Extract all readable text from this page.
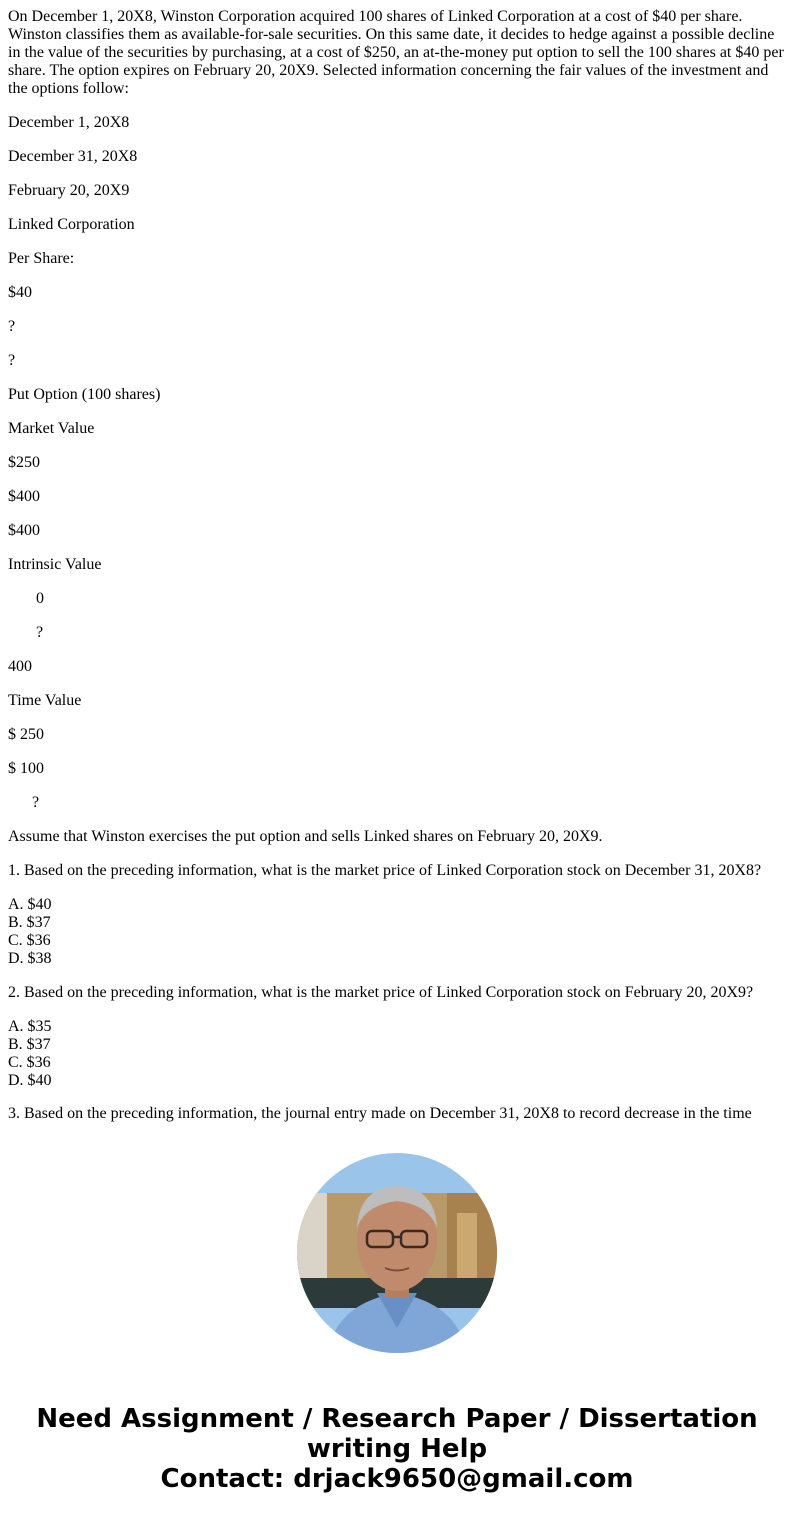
On December 1, 20X8, Winston Corporation acquired 100 shares of Linked Corporation at a cost of $40 per share. Winston classifies them as available-for-sale securities. On this same date, it decides to hedge against a possible decline in the value of the securities by purchasing, at a cost of $250, an at-the-money put option to sell the 100 shares at $40 per share. The option expires on February 20, 20X9. Selected information concerning the fair values of the investment and the options follow:

December 1, 20X8

December 31, 20X8

February 20, 20X9

Linked Corporation

Per Share:

$40

?

?

Put Option (100 shares)

Market Value

$250

$400

$400

Intrinsic Value

0

?

400

Time Value

$ 250

$ 100

?

Assume that Winston exercises the put option and sells Linked shares on February 20, 20X9.

1. Based on the preceding information, what is the market price of Linked Corporation stock on December 31, 20X8?

A. $40
B. $37
C. $36
D. $38

2. Based on the preceding information, what is the market price of Linked Corporation stock on February 20, 20X9?

A. $35
B. $37
C. $36
D. $40
3. Based on the preceding information, the journal entry made on December 31, 20X8 to record decrease in the time
Need Assignment / Research Paper / Dissertation
writing Help
Contact: drjack9650@gmail.com
